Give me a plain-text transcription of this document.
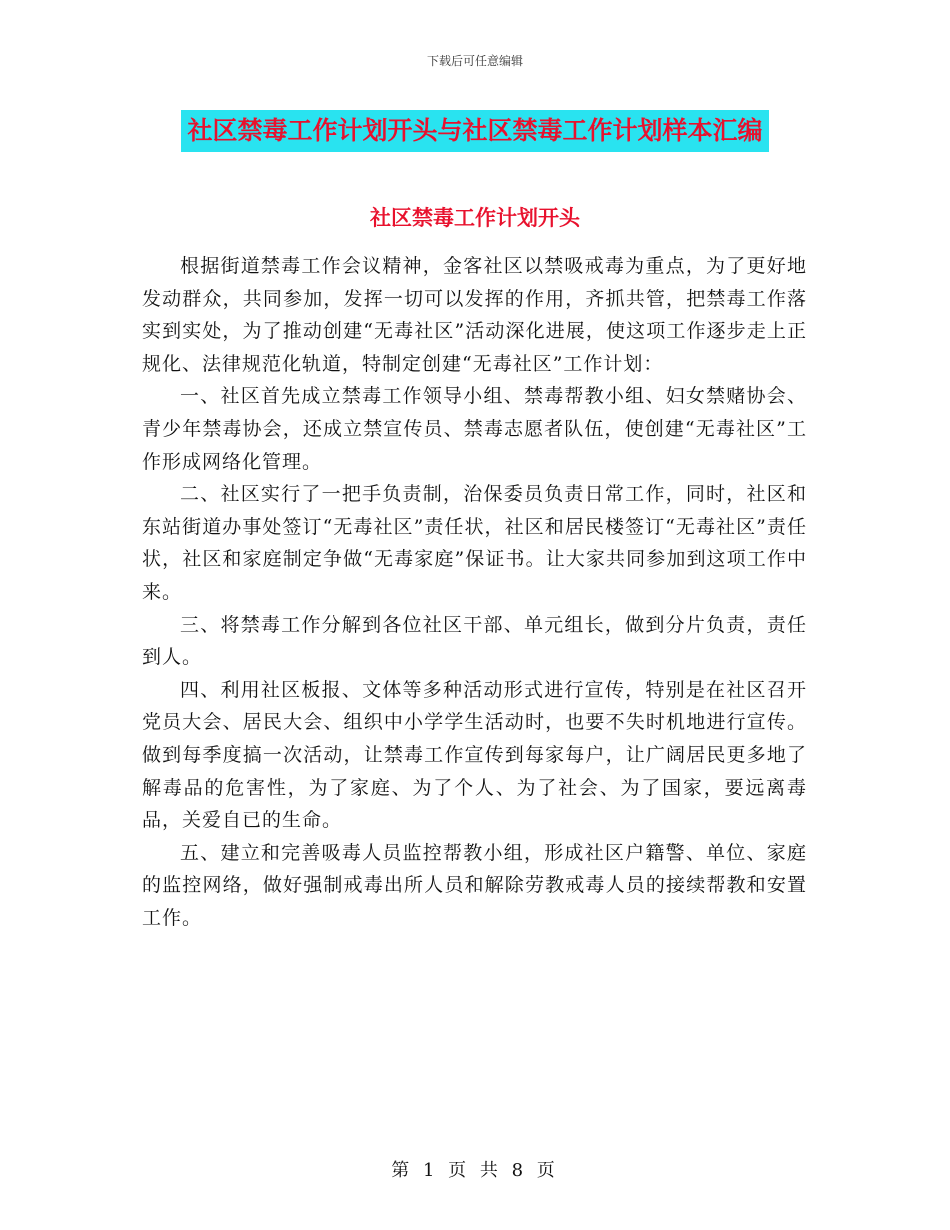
下载后可任意编辑
社区禁毒工作计划开头与社区禁毒工作计划样本汇编
社区禁毒工作计划开头

根据街道禁毒工作会议精神，金客社区以禁吸戒毒为重点，为了更好地发动群众，共同参加，发挥一切可以发挥的作用，齐抓共管，把禁毒工作落实到实处，为了推动创建“无毒社区”活动深化进展，使这项工作逐步走上正规化、法律规范化轨道，特制定创建“无毒社区”工作计划：

一、社区首先成立禁毒工作领导小组、禁毒帮教小组、妇女禁赌协会、青少年禁毒协会，还成立禁宣传员、禁毒志愿者队伍，使创建“无毒社区”工作形成网络化管理。

二、社区实行了一把手负责制，治保委员负责日常工作，同时，社区和东站街道办事处签订“无毒社区”责任状，社区和居民楼签订“无毒社区”责任状，社区和家庭制定争做“无毒家庭”保证书。让大家共同参加到这项工作中来。

三、将禁毒工作分解到各位社区干部、单元组长，做到分片负责，责任到人。

四、利用社区板报、文体等多种活动形式进行宣传，特别是在社区召开党员大会、居民大会、组织中小学学生活动时，也要不失时机地进行宣传。做到每季度搞一次活动，让禁毒工作宣传到每家每户，让广阔居民更多地了解毒品的危害性，为了家庭、为了个人、为了社会、为了国家，要远离毒品，关爱自已的生命。

五、建立和完善吸毒人员监控帮教小组，形成社区户籍警、单位、家庭的监控网络，做好强制戒毒出所人员和解除劳教戒毒人员的接续帮教和安置工作。

第 1 页 共 8 页
